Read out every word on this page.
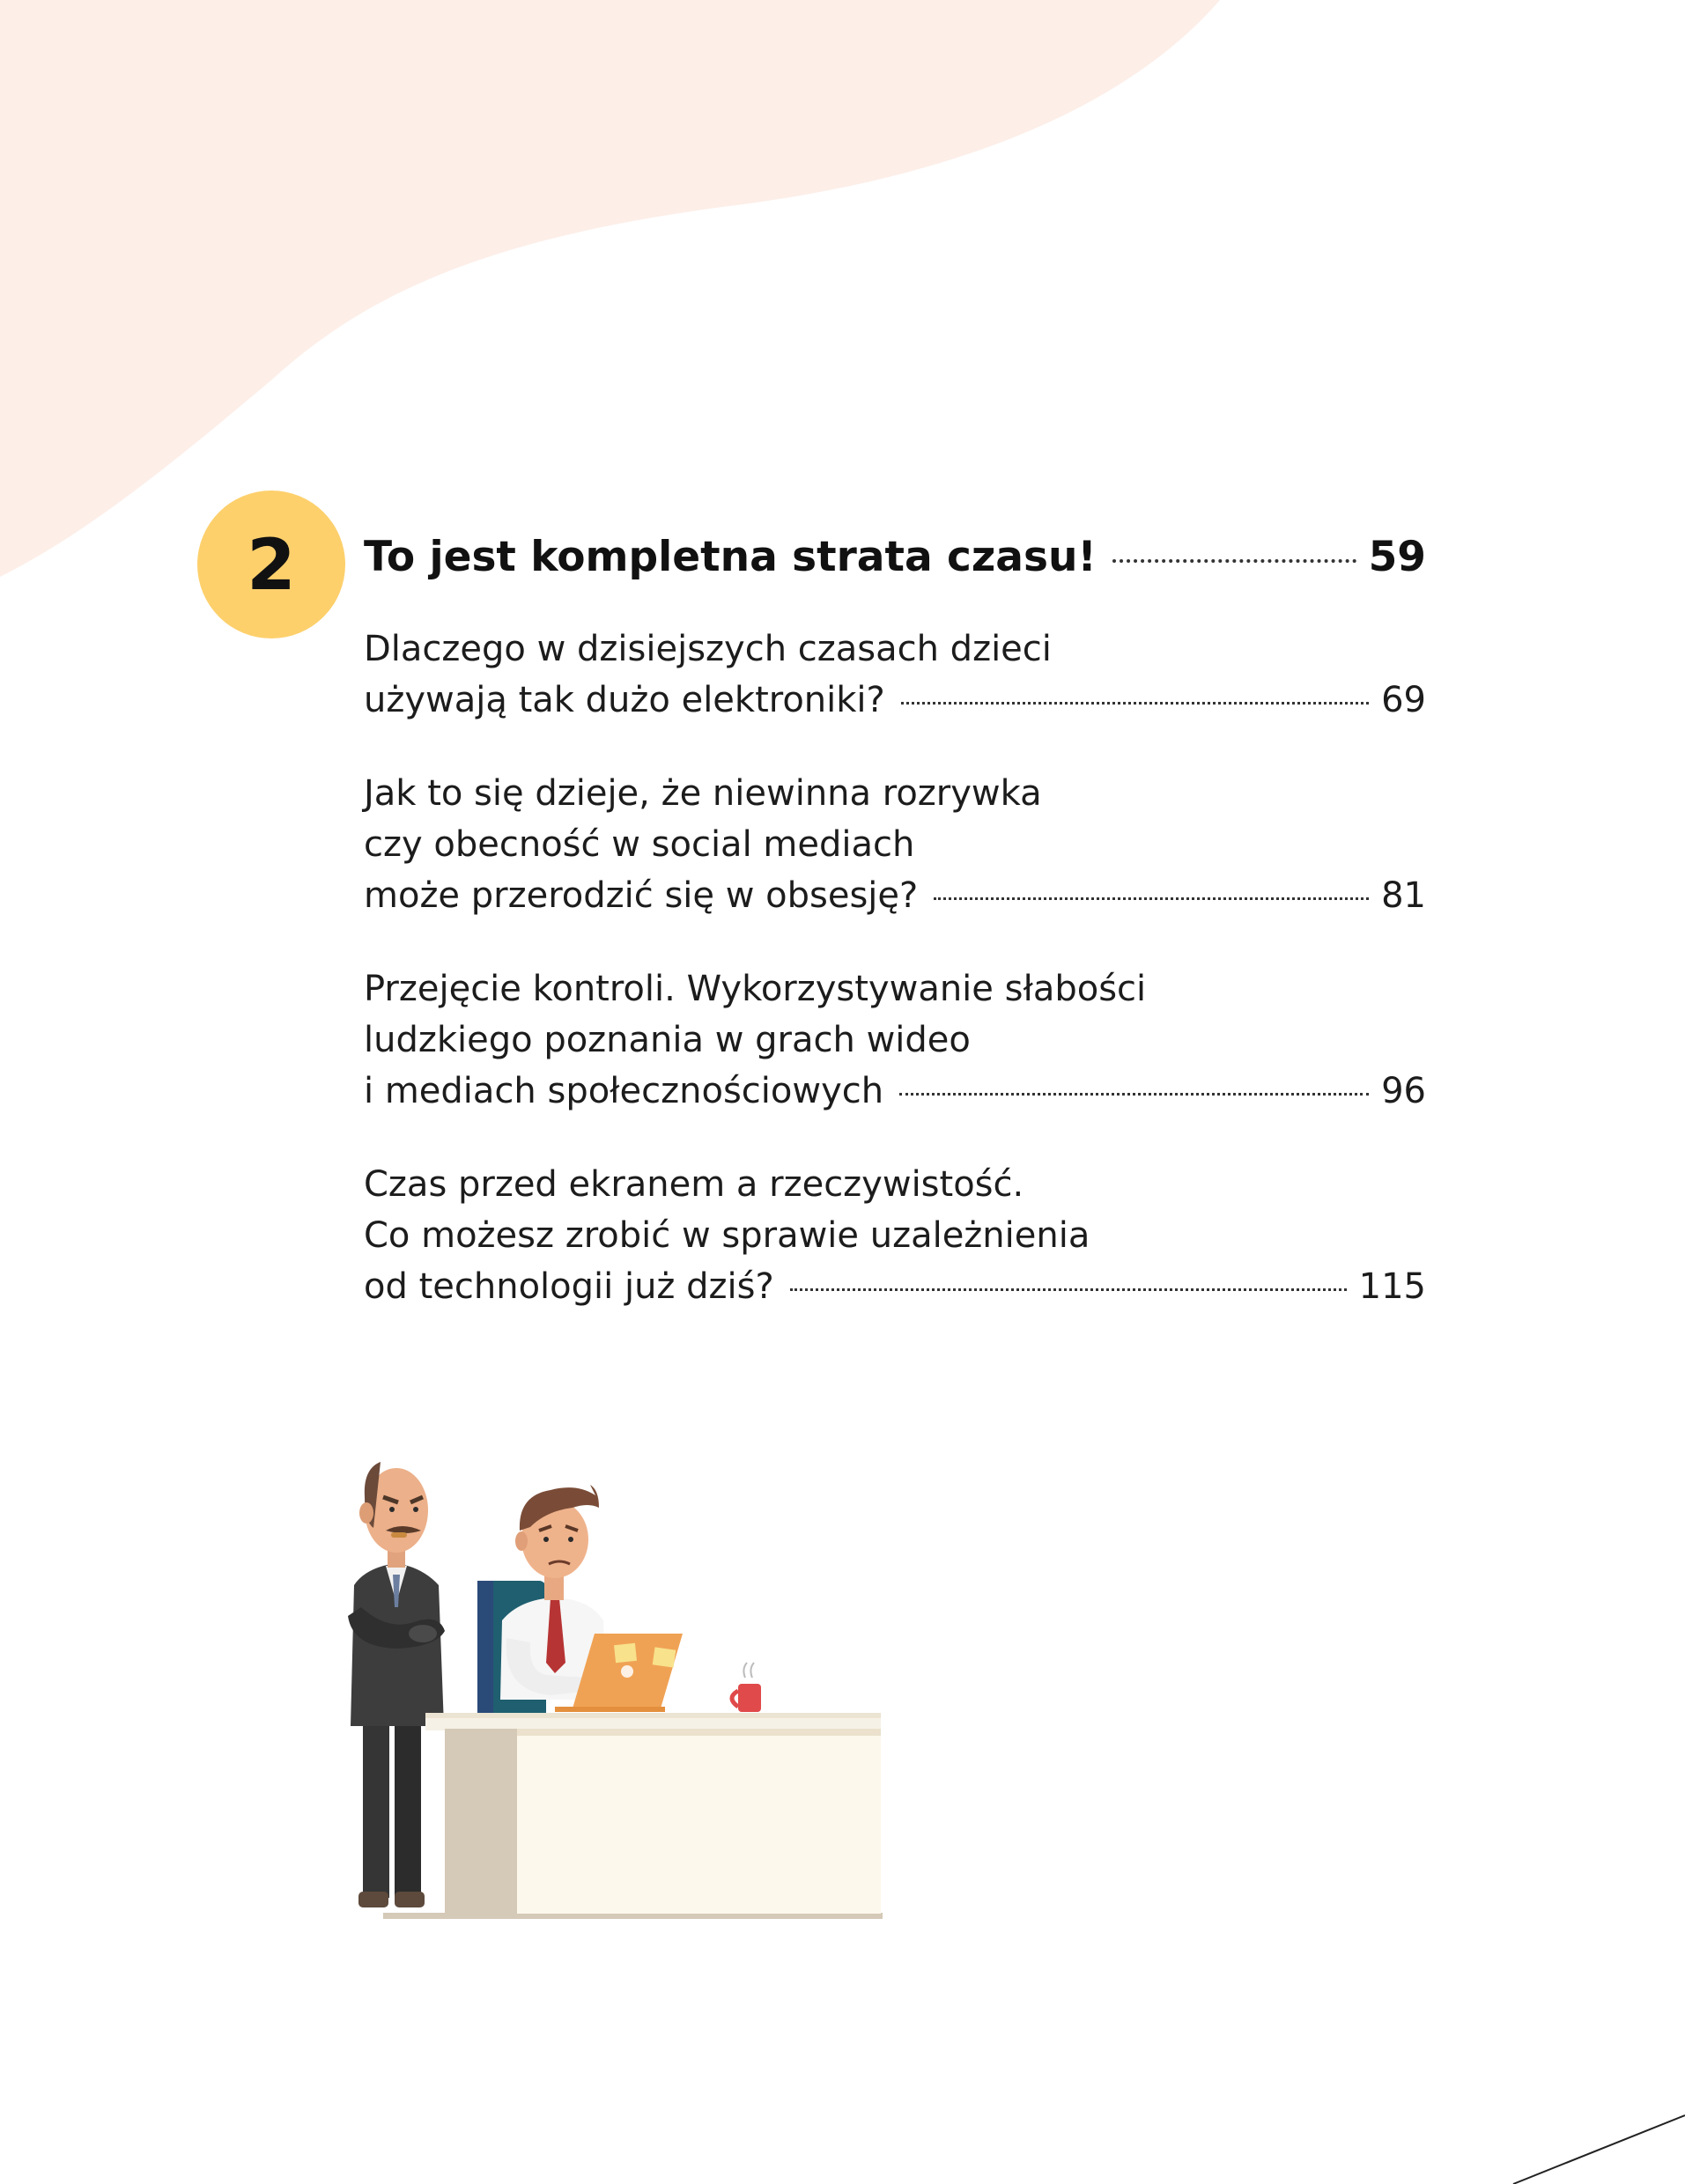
2 To jest kompletna strata czasu!	59
Dlaczego w dzisiejszych czasach dzieci
używają tak dużo elektroniki?	69
Jak to się dzieje, że niewinna rozrywka
czy obecność w social mediach
może przerodzić się w obsesję?	81
Przejęcie kontroli. Wykorzystywanie słabości
ludzkiego poznania w grach wideo
i mediach społecznościowych	96
Czas przed ekranem a rzeczywistość.
Co możesz zrobić w sprawie uzależnienia
od technologii już dziś?	115
